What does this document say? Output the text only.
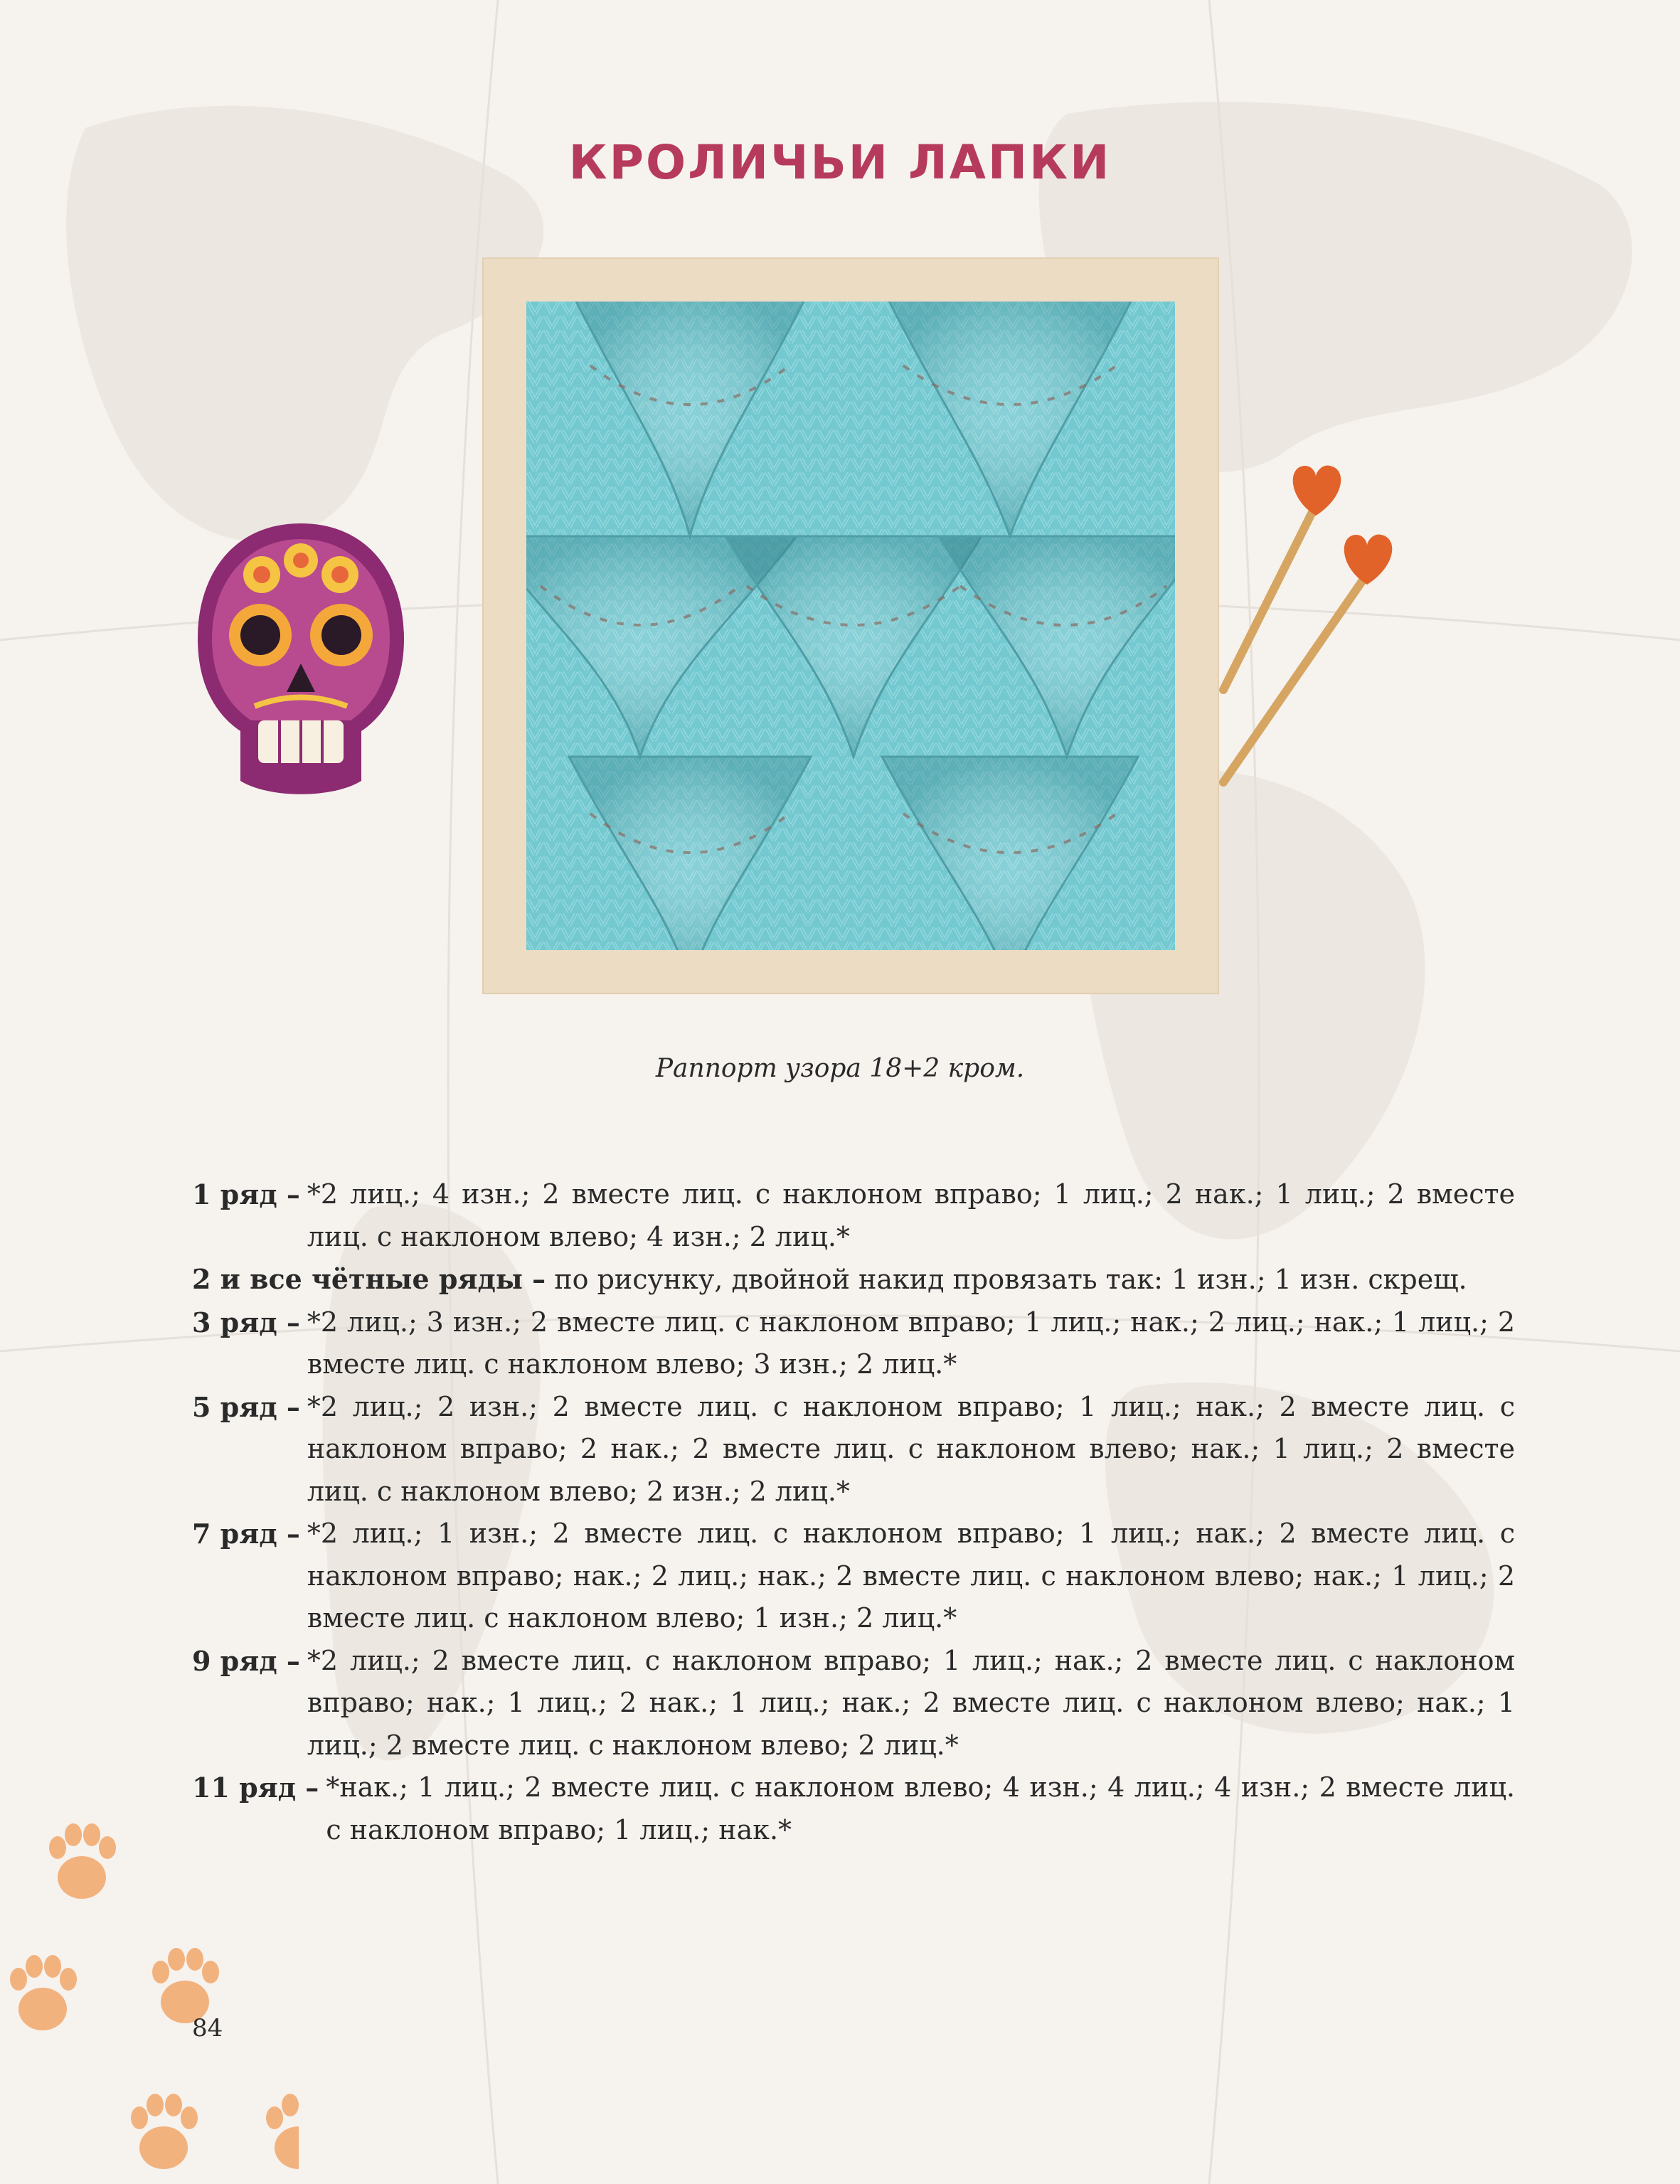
КРОЛИЧЬИ ЛАПКИ
Раппорт узора 18+2 кром.
1 ряд – *2 лиц.; 4 изн.; 2 вместе лиц. с наклоном вправо; 1 лиц.; 2 нак.; 1 лиц.; 2 вместе лиц. с наклоном влево; 4 изн.; 2 лиц.*
2 и все чётные ряды – по рисунку, двойной накид провязать так: 1 изн.; 1 изн. скрещ.
3 ряд – *2 лиц.; 3 изн.; 2 вместе лиц. с наклоном вправо; 1 лиц.; нак.; 2 лиц.; нак.; 1 лиц.; 2 вместе лиц. с наклоном влево; 3 изн.; 2 лиц.*
5 ряд – *2 лиц.; 2 изн.; 2 вместе лиц. с наклоном вправо; 1 лиц.; нак.; 2 вместе лиц. с наклоном вправо; 2 нак.; 2 вместе лиц. с наклоном влево; нак.; 1 лиц.; 2 вместе лиц. с наклоном влево; 2 изн.; 2 лиц.*
7 ряд – *2 лиц.; 1 изн.; 2 вместе лиц. с наклоном вправо; 1 лиц.; нак.; 2 вместе лиц. с наклоном вправо; нак.; 2 лиц.; нак.; 2 вместе лиц. с наклоном влево; нак.; 1 лиц.; 2 вместе лиц. с наклоном влево; 1 изн.; 2 лиц.*
9 ряд – *2 лиц.; 2 вместе лиц. с наклоном вправо; 1 лиц.; нак.; 2 вместе лиц. с наклоном вправо; нак.; 1 лиц.; 2 нак.; 1 лиц.; нак.; 2 вместе лиц. с наклоном влево; нак.; 1 лиц.; 2 вместе лиц. с наклоном влево; 2 лиц.*
11 ряд – *нак.; 1 лиц.; 2 вместе лиц. с наклоном влево; 4 изн.; 4 лиц.; 4 изн.; 2 вместе лиц. с наклоном вправо; 1 лиц.; нак.*
84
